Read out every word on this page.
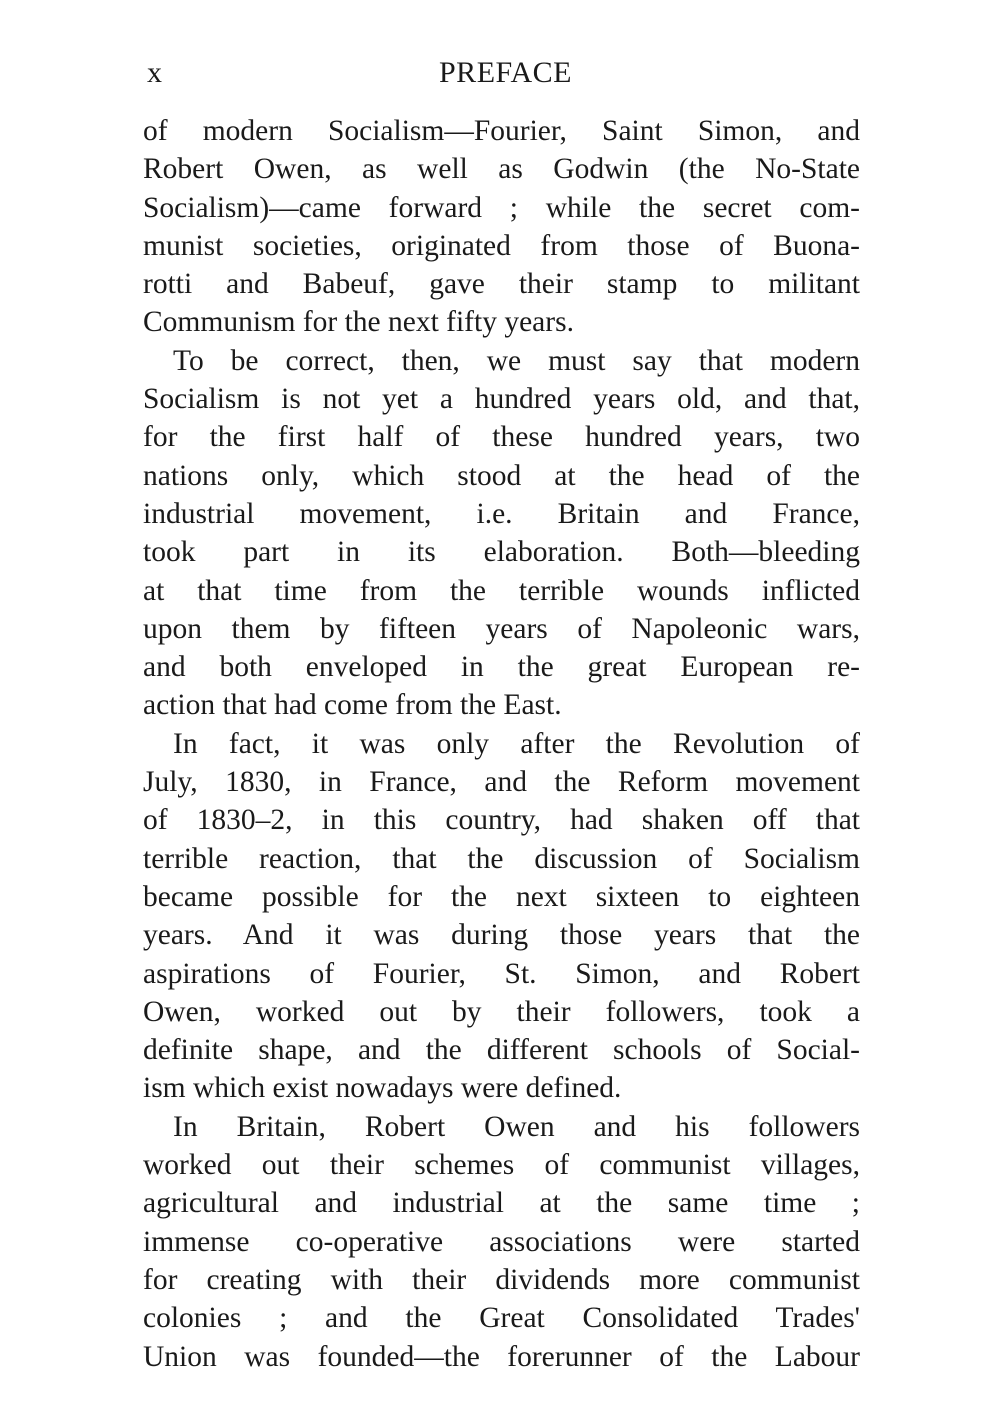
x	PREFACE
of modern Socialism—Fourier, Saint Simon, and
Robert Owen, as well as Godwin (the No-State
Socialism)—came forward ; while the secret com-
munist societies, originated from those of Buona-
rotti and Babeuf, gave their stamp to militant
Communism for the next fifty years.
To be correct, then, we must say that modern
Socialism is not yet a hundred years old, and that,
for the first half of these hundred years, two
nations only, which stood at the head of the
industrial movement, i.e. Britain and France,
took part in its elaboration. Both—bleeding
at that time from the terrible wounds inflicted
upon them by fifteen years of Napoleonic wars,
and both enveloped in the great European re-
action that had come from the East.
In fact, it was only after the Revolution of
July, 1830, in France, and the Reform movement
of 1830–2, in this country, had shaken off that
terrible reaction, that the discussion of Socialism
became possible for the next sixteen to eighteen
years. And it was during those years that the
aspirations of Fourier, St. Simon, and Robert
Owen, worked out by their followers, took a
definite shape, and the different schools of Social-
ism which exist nowadays were defined.
In Britain, Robert Owen and his followers
worked out their schemes of communist villages,
agricultural and industrial at the same time ;
immense co-operative associations were started
for creating with their dividends more communist
colonies ; and the Great Consolidated Trades'
Union was founded—the forerunner of the Labour
